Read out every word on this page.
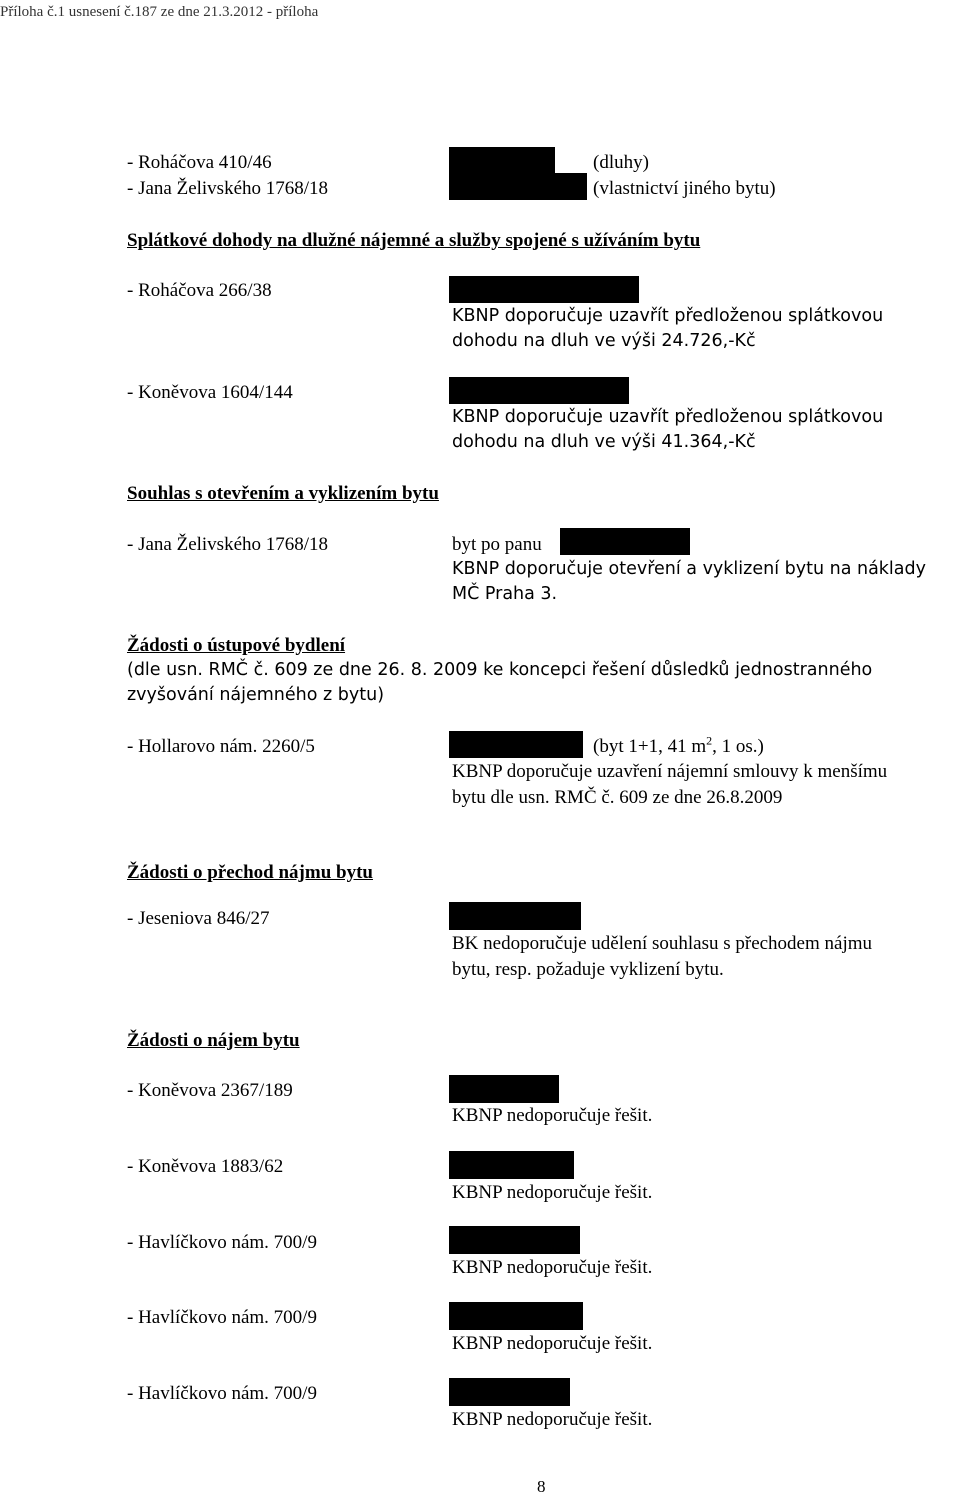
Příloha č.1 usnesení č.187 ze dne 21.3.2012 - příloha
- Roháčova 410/46	(dluhy)
- Jana Želivského 1768/18	(vlastnictví jiného bytu)
Splátkové dohody na dlužné nájemné a služby spojené s užíváním bytu
- Roháčova 266/38
KBNP doporučuje uzavřít předloženou splátkovou
dohodu na dluh ve výši 24.726,-Kč
- Koněvova 1604/144
KBNP doporučuje uzavřít předloženou splátkovou
dohodu na dluh ve výši 41.364,-Kč
Souhlas s otevřením a vyklizením bytu
- Jana Želivského 1768/18	byt po panu
KBNP doporučuje otevření a vyklizení bytu na náklady
MČ Praha 3.
Žádosti o ústupové bydlení
(dle usn. RMČ č. 609 ze dne 26. 8. 2009 ke koncepci řešení důsledků jednostranného
zvyšování nájemného z bytu)
- Hollarovo nám. 2260/5	(byt 1+1, 41 $m^2$, 1 os.)
KBNP doporučuje uzavření nájemní smlouvy k menšímu
bytu dle usn. RMČ č. 609 ze dne 26.8.2009
Žádosti o přechod nájmu bytu
- Jeseniova 846/27
BK nedoporučuje udělení souhlasu s přechodem nájmu
bytu, resp. požaduje vyklizení bytu.
Žádosti o nájem bytu
- Koněvova 2367/189
KBNP nedoporučuje řešit.
- Koněvova 1883/62
KBNP nedoporučuje řešit.
- Havlíčkovo nám. 700/9
KBNP nedoporučuje řešit.
- Havlíčkovo nám. 700/9
KBNP nedoporučuje řešit.
- Havlíčkovo nám. 700/9
KBNP nedoporučuje řešit.
8
